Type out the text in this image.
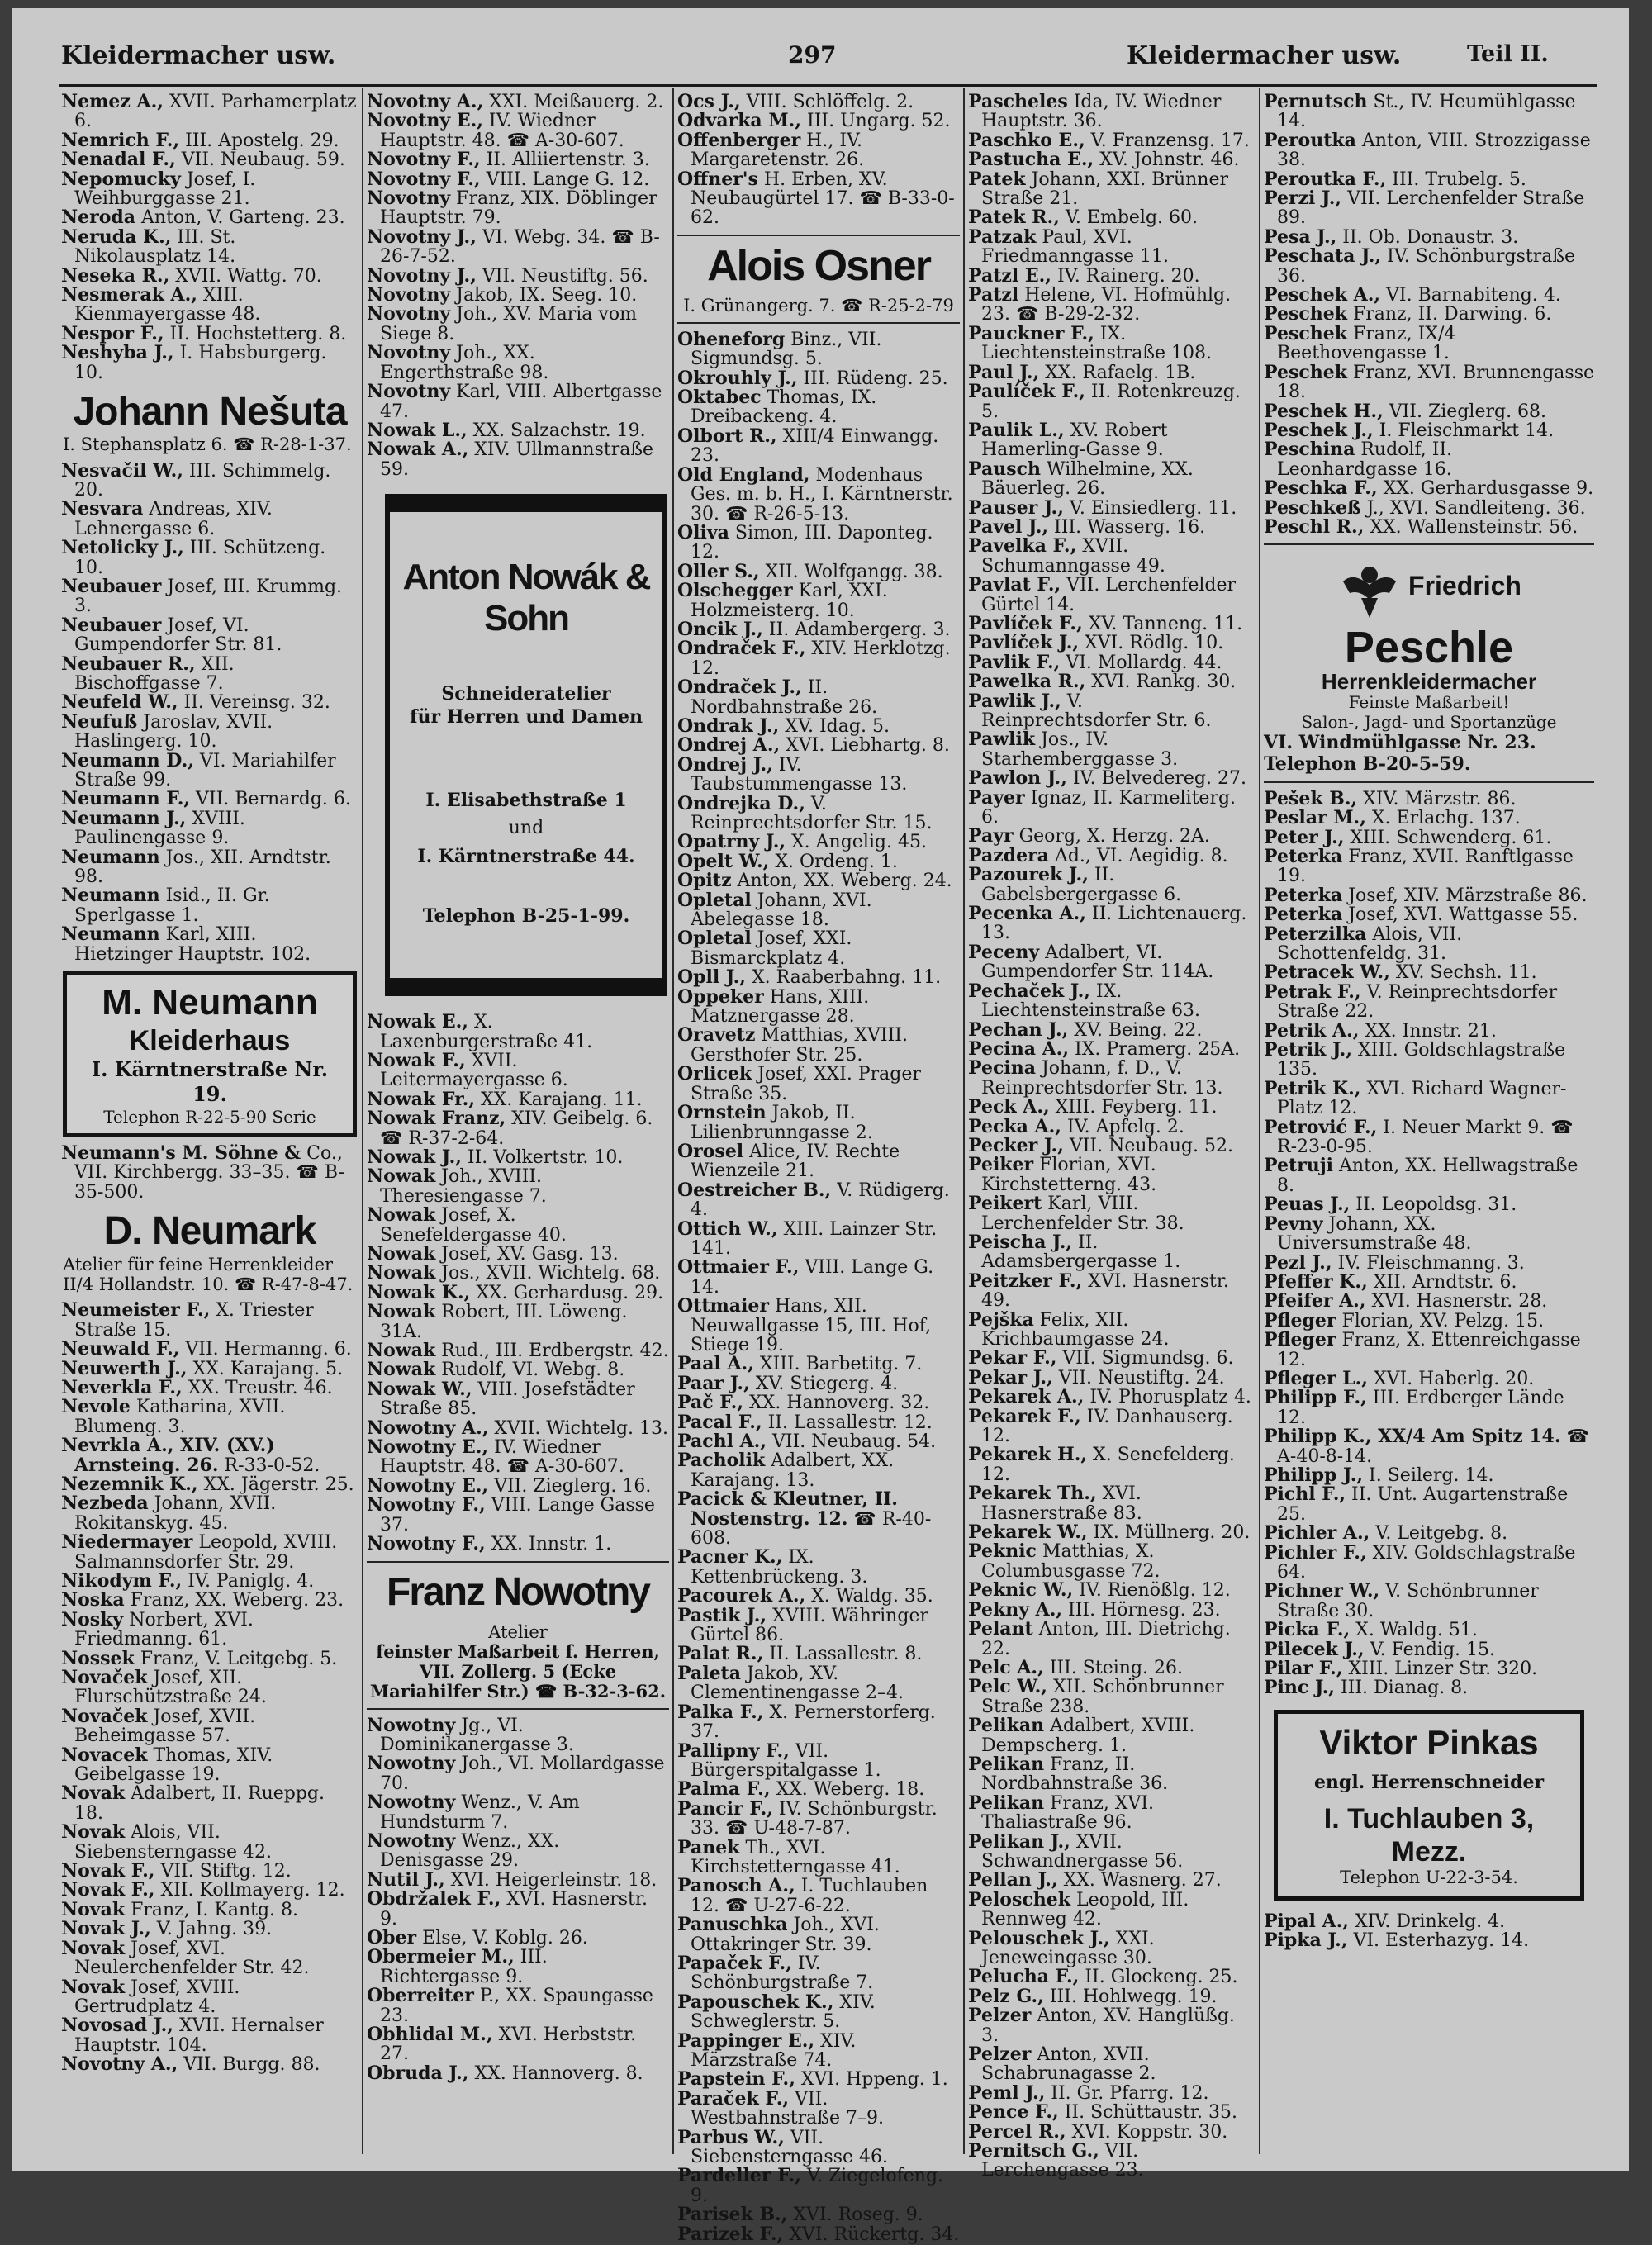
Kleidermacher usw.	297	Kleidermacher usw.	Teil II.

Nemez A., XVII. Parhamerplatz 6.

Nemrich F., III. Apostelg. 29.

Nenadal F., VII. Neubaug. 59.

Nepomucky Josef, I. Weihburggasse 21.

Neroda Anton, V. Garteng. 23.

Neruda K., III. St. Nikolausplatz 14.

Neseka R., XVII. Wattg. 70.

Nesmerak A., XIII. Kienmayergasse 48.

Nespor F., II. Hochstetterg. 8.

Neshyba J., I. Habsburgerg. 10.

Johann Nešuta
I. Stephansplatz 6. ☎ R-28-1-37.

Nesvačil W., III. Schimmelg. 20.

Nesvara Andreas, XIV. Lehnergasse 6.

Netolicky J., III. Schützeng. 10.

Neubauer Josef, III. Krummg. 3.

Neubauer Josef, VI. Gumpendorfer Str. 81.

Neubauer R., XII. Bischoffgasse 7.

Neufeld W., II. Vereinsg. 32.

Neufuß Jaroslav, XVII. Haslingerg. 10.

Neumann D., VI. Mariahilfer Straße 99.

Neumann F., VII. Bernardg. 6.

Neumann J., XVIII. Paulinengasse 9.

Neumann Jos., XII. Arndtstr. 98.

Neumann Isid., II. Gr. Sperlgasse 1.

Neumann Karl, XIII. Hietzinger Hauptstr. 102.

M. Neumann
Kleiderhaus
I. Kärntnerstraße Nr. 19.
Telephon R-22-5-90 Serie

Neumann's M. Söhne & Co., VII. Kirchbergg. 33–35. ☎ B-35-500.

D. Neumark
Atelier für feine Herrenkleider II/4 Hollandstr. 10. ☎ R-47-8-47.

Neumeister F., X. Triester Straße 15.

Neuwald F., VII. Hermanng. 6.

Neuwerth J., XX. Karajang. 5.

Neverkla F., XX. Treustr. 46.

Nevole Katharina, XVII. Blumeng. 3.

Nevrkla A., XIV. (XV.) Arnsteing. 26. R-33-0-52.

Nezemnik K., XX. Jägerstr. 25.

Nezbeda Johann, XVII. Rokitanskyg. 45.

Niedermayer Leopold, XVIII. Salmannsdorfer Str. 29.

Nikodym F., IV. Paniglg. 4.

Noska Franz, XX. Weberg. 23.

Nosky Norbert, XVI. Friedmanng. 61.

Nossek Franz, V. Leitgebg. 5.

Novaček Josef, XII. Flurschützstraße 24.

Novaček Josef, XVII. Beheimgasse 57.

Novacek Thomas, XIV. Geibelgasse 19.

Novak Adalbert, II. Rueppg. 18.

Novak Alois, VII. Siebensterngasse 42.

Novak F., VII. Stiftg. 12.

Novak F., XII. Kollmayerg. 12.

Novak Franz, I. Kantg. 8.

Novak J., V. Jahng. 39.

Novak Josef, XVI. Neulerchenfelder Str. 42.

Novak Josef, XVIII. Gertrudplatz 4.

Novosad J., XVII. Hernalser Hauptstr. 104.

Novotny A., VII. Burgg. 88.

Novotny A., XXI. Meißauerg. 2.

Novotny E., IV. Wiedner Hauptstr. 48. ☎ A-30-607.

Novotny F., II. Alliiertenstr. 3.

Novotny F., VIII. Lange G. 12.

Novotny Franz, XIX. Döblinger Hauptstr. 79.

Novotny J., VI. Webg. 34. ☎ B-26-7-52.

Novotny J., VII. Neustiftg. 56.

Novotny Jakob, IX. Seeg. 10.

Novotny Joh., XV. Maria vom Siege 8.

Novotny Joh., XX. Engerthstraße 98.

Novotny Karl, VIII. Albertgasse 47.

Nowak L., XX. Salzachstr. 19.

Nowak A., XIV. Ullmannstraße 59.

Anton Nowák & Sohn
Schneideratelier
für Herren und Damen
I. Elisabethstraße 1
und
I. Kärntnerstraße 44.
Telephon B-25-1-99.

Nowak E., X. Laxenburgerstraße 41.

Nowak F., XVII. Leitermayergasse 6.

Nowak Fr., XX. Karajang. 11.

Nowak Franz, XIV. Geibelg. 6. ☎ R-37-2-64.

Nowak J., II. Volkertstr. 10.

Nowak Joh., XVIII. Theresiengasse 7.

Nowak Josef, X. Senefeldergasse 40.

Nowak Josef, XV. Gasg. 13.

Nowak Jos., XVII. Wichtelg. 68.

Nowak K., XX. Gerhardusg. 29.

Nowak Robert, III. Löweng. 31A.

Nowak Rud., III. Erdbergstr. 42.

Nowak Rudolf, VI. Webg. 8.

Nowak W., VIII. Josefstädter Straße 85.

Nowotny A., XVII. Wichtelg. 13.

Nowotny E., IV. Wiedner Hauptstr. 48. ☎ A-30-607.

Nowotny E., VII. Zieglerg. 16.

Nowotny F., VIII. Lange Gasse 37.

Nowotny F., XX. Innstr. 1.

Franz Nowotny
Atelier
feinster Maßarbeit f. Herren,
VII. Zollerg. 5 (Ecke Mariahilfer Str.) ☎ B-32-3-62.

Nowotny Jg., VI. Dominikanergasse 3.

Nowotny Joh., VI. Mollardgasse 70.

Nowotny Wenz., V. Am Hundsturm 7.

Nowotny Wenz., XX. Denisgasse 29.

Nutil J., XVI. Heigerleinstr. 18.

Obdržalek F., XVI. Hasnerstr. 9.

Ober Else, V. Koblg. 26.

Obermeier M., III. Richtergasse 9.

Oberreiter P., XX. Spaungasse 23.

Obhlidal M., XVI. Herbststr. 27.

Obruda J., XX. Hannoverg. 8.

Ocs J., VIII. Schlöffelg. 2.

Odvarka M., III. Ungarg. 52.

Offenberger H., IV. Margaretenstr. 26.

Offner's H. Erben, XV. Neubaugürtel 17. ☎ B-33-0-62.

Alois Osner
I. Grünangerg. 7. ☎ R-25-2-79

Oheneforg Binz., VII. Sigmundsg. 5.

Okrouhly J., III. Rüdeng. 25.

Oktabec Thomas, IX. Dreibackeng. 4.

Olbort R., XIII/4 Einwangg. 23.

Old England, Modenhaus Ges. m. b. H., I. Kärntnerstr. 30. ☎ R-26-5-13.

Oliva Simon, III. Daponteg. 12.

Oller S., XII. Wolfgangg. 38.

Olschegger Karl, XXI. Holzmeisterg. 10.

Oncik J., II. Adambergerg. 3.

Ondraček F., XIV. Herklotzg. 12.

Ondraček J., II. Nordbahnstraße 26.

Ondrak J., XV. Idag. 5.

Ondrej A., XVI. Liebhartg. 8.

Ondrej J., IV. Taubstummengasse 13.

Ondrejka D., V. Reinprechtsdorfer Str. 15.

Opatrny J., X. Angelig. 45.

Opelt W., X. Ordeng. 1.

Opitz Anton, XX. Weberg. 24.

Opletal Johann, XVI. Abelegasse 18.

Opletal Josef, XXI. Bismarckplatz 4.

Opll J., X. Raaberbahng. 11.

Oppeker Hans, XIII. Matznergasse 28.

Oravetz Matthias, XVIII. Gersthofer Str. 25.

Orlicek Josef, XXI. Prager Straße 35.

Ornstein Jakob, II. Lilienbrunngasse 2.

Orosel Alice, IV. Rechte Wienzeile 21.

Oestreicher B., V. Rüdigerg. 4.

Ottich W., XIII. Lainzer Str. 141.

Ottmaier F., VIII. Lange G. 14.

Ottmaier Hans, XII. Neuwallgasse 15, III. Hof, Stiege 19.

Paal A., XIII. Barbetitg. 7.

Paar J., XV. Stiegerg. 4.

Pač F., XX. Hannoverg. 32.

Pacal F., II. Lassallestr. 12.

Pachl A., VII. Neubaug. 54.

Pacholik Adalbert, XX. Karajang. 13.

Pacick & Kleutner, II. Nostenstrg. 12. ☎ R-40-608.

Pacner K., IX. Kettenbrückeng. 3.

Pacourek A., X. Waldg. 35.

Pastik J., XVIII. Währinger Gürtel 86.

Palat R., II. Lassallestr. 8.

Paleta Jakob, XV. Clementinengasse 2–4.

Palka F., X. Pernerstorferg. 37.

Pallipny F., VII. Bürgerspitalgasse 1.

Palma F., XX. Weberg. 18.

Pancir F., IV. Schönburgstr. 33. ☎ U-48-7-87.

Panek Th., XVI. Kirchstetterngasse 41.

Panosch A., I. Tuchlauben 12. ☎ U-27-6-22.

Panuschka Joh., XVI. Ottakringer Str. 39.

Papaček F., IV. Schönburgstraße 7.

Papouschek K., XIV. Schweglerstr. 5.

Pappinger E., XIV. Märzstraße 74.

Papstein F., XVI. Hppeng. 1.

Paraček F., VII. Westbahnstraße 7–9.

Parbus W., VII. Siebensterngasse 46.

Pardeller F., V. Ziegelofeng. 9.

Parisek B., XVI. Roseg. 9.

Parizek F., XVI. Rückertg. 34.

Pascheles Ida, IV. Wiedner Hauptstr. 36.

Paschko E., V. Franzensg. 17.

Pastucha E., XV. Johnstr. 46.

Patek Johann, XXI. Brünner Straße 21.

Patek R., V. Embelg. 60.

Patzak Paul, XVI. Friedmanngasse 11.

Patzl E., IV. Rainerg. 20.

Patzl Helene, VI. Hofmühlg. 23. ☎ B-29-2-32.

Pauckner F., IX. Liechtensteinstraße 108.

Paul J., XX. Rafaelg. 1B.

Paulíček F., II. Rotenkreuzg. 5.

Paulik L., XV. Robert Hamerling-Gasse 9.

Pausch Wilhelmine, XX. Bäuerleg. 26.

Pauser J., V. Einsiedlerg. 11.

Pavel J., III. Wasserg. 16.

Pavelka F., XVII. Schumanngasse 49.

Pavlat F., VII. Lerchenfelder Gürtel 14.

Pavlíček F., XV. Tanneng. 11.

Pavlíček J., XVI. Rödlg. 10.

Pavlik F., VI. Mollardg. 44.

Pawelka R., XVI. Rankg. 30.

Pawlik J., V. Reinprechtsdorfer Str. 6.

Pawlik Jos., IV. Starhemberggasse 3.

Pawlon J., IV. Belvedereg. 27.

Payer Ignaz, II. Karmeliterg. 6.

Payr Georg, X. Herzg. 2A.

Pazdera Ad., VI. Aegidig. 8.

Pazourek J., II. Gabelsbergergasse 6.

Pecenka A., II. Lichtenauerg. 13.

Peceny Adalbert, VI. Gumpendorfer Str. 114A.

Pechaček J., IX. Liechtensteinstraße 63.

Pechan J., XV. Being. 22.

Pecina A., IX. Pramerg. 25A.

Pecina Johann, f. D., V. Reinprechtsdorfer Str. 13.

Peck A., XIII. Feyberg. 11.

Pecka A., IV. Apfelg. 2.

Pecker J., VII. Neubaug. 52.

Peiker Florian, XVI. Kirchstetterng. 43.

Peikert Karl, VIII. Lerchenfelder Str. 38.

Peischa J., II. Adamsbergergasse 1.

Peitzker F., XVI. Hasnerstr. 49.

Pejška Felix, XII. Krichbaumgasse 24.

Pekar F., VII. Sigmundsg. 6.

Pekar J., VII. Neustiftg. 24.

Pekarek A., IV. Phorusplatz 4.

Pekarek F., IV. Danhauserg. 12.

Pekarek H., X. Senefelderg. 12.

Pekarek Th., XVI. Hasnerstraße 83.

Pekarek W., IX. Müllnerg. 20.

Peknic Matthias, X. Columbusgasse 72.

Peknic W., IV. Rienößlg. 12.

Pekny A., III. Hörnesg. 23.

Pelant Anton, III. Dietrichg. 22.

Pelc A., III. Steing. 26.

Pelc W., XII. Schönbrunner Straße 238.

Pelikan Adalbert, XVIII. Dempscherg. 1.

Pelikan Franz, II. Nordbahnstraße 36.

Pelikan Franz, XVI. Thaliastraße 96.

Pelikan J., XVII. Schwandnergasse 56.

Pellan J., XX. Wasnerg. 27.

Peloschek Leopold, III. Rennweg 42.

Pelouschek J., XXI. Jeneweingasse 30.

Pelucha F., II. Glockeng. 25.

Pelz G., III. Hohlwegg. 19.

Pelzer Anton, XV. Hanglüßg. 3.

Pelzer Anton, XVII. Schabrunagasse 2.

Peml J., II. Gr. Pfarrg. 12.

Pence F., II. Schüttaustr. 35.

Percel R., XVI. Koppstr. 30.

Pernitsch G., VII. Lerchengasse 23.

Pernutsch St., IV. Heumühlgasse 14.

Peroutka Anton, VIII. Strozzigasse 38.

Peroutka F., III. Trubelg. 5.

Perzi J., VII. Lerchenfelder Straße 89.

Pesa J., II. Ob. Donaustr. 3.

Peschata J., IV. Schönburgstraße 36.

Peschek A., VI. Barnabiteng. 4.

Peschek Franz, II. Darwing. 6.

Peschek Franz, IX/4 Beethovengasse 1.

Peschek Franz, XVI. Brunnengasse 18.

Peschek H., VII. Zieglerg. 68.

Peschek J., I. Fleischmarkt 14.

Peschina Rudolf, II. Leonhardgasse 16.

Peschka F., XX. Gerhardusgasse 9.

Peschkeß J., XVI. Sandleiteng. 36.

Peschl R., XX. Wallensteinstr. 56.

Friedrich
Peschle
Herrenkleidermacher
Feinste Maßarbeit!
Salon-, Jagd- und Sportanzüge
VI. Windmühlgasse Nr. 23.
Telephon B-20-5-59.

Pešek B., XIV. Märzstr. 86.

Peslar M., X. Erlachg. 137.

Peter J., XIII. Schwenderg. 61.

Peterka Franz, XVII. Ranftlgasse 19.

Peterka Josef, XIV. Märzstraße 86.

Peterka Josef, XVI. Wattgasse 55.

Peterzilka Alois, VII. Schottenfeldg. 31.

Petracek W., XV. Sechsh. 11.

Petrak F., V. Reinprechtsdorfer Straße 22.

Petrik A., XX. Innstr. 21.

Petrik J., XIII. Goldschlagstraße 135.

Petrik K., XVI. Richard Wagner-Platz 12.

Petrović F., I. Neuer Markt 9. ☎ R-23-0-95.

Petruji Anton, XX. Hellwagstraße 8.

Peuas J., II. Leopoldsg. 31.

Pevny Johann, XX. Universumstraße 48.

Pezl J., IV. Fleischmanng. 3.

Pfeffer K., XII. Arndtstr. 6.

Pfeifer A., XVI. Hasnerstr. 28.

Pfleger Florian, XV. Pelzg. 15.

Pfleger Franz, X. Ettenreichgasse 12.

Pfleger L., XVI. Haberlg. 20.

Philipp F., III. Erdberger Lände 12.

Philipp K., XX/4 Am Spitz 14. ☎ A-40-8-14.

Philipp J., I. Seilerg. 14.

Pichl F., II. Unt. Augartenstraße 25.

Pichler A., V. Leitgebg. 8.

Pichler F., XIV. Goldschlagstraße 64.

Pichner W., V. Schönbrunner Straße 30.

Picka F., X. Waldg. 51.

Pilecek J., V. Fendig. 15.

Pilar F., XIII. Linzer Str. 320.

Pinc J., III. Dianag. 8.

Viktor Pinkas
engl. Herrenschneider
I. Tuchlauben 3, Mezz.
Telephon U-22-3-54.

Pipal A., XIV. Drinkelg. 4.

Pipka J., VI. Esterhazyg. 14.
